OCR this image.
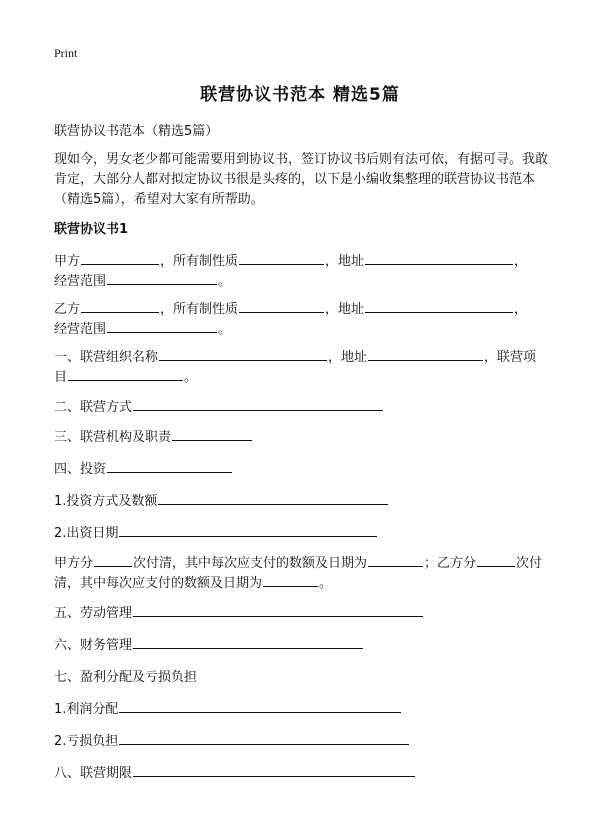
Print
联营协议书范本 精选5篇
联营协议书范本（精选5篇）
现如今，男女老少都可能需要用到协议书，签订协议书后则有法可依，有据可寻。我敢肯定，大部分人都对拟定协议书很是头疼的，以下是小编收集整理的联营协议书范本（精选5篇），希望对大家有所帮助。
联营协议书1
甲方	，所有制性质	，地址	，
经营范围	。
乙方	，所有制性质	，地址	，
经营范围	。
一、联营组织名称	，地址	，联营项
目	。
二、联营方式
三、联营机构及职责
四、投资
1.投资方式及数额
2.出资日期
甲方分	次付清，其中每次应支付的数额及日期为	；乙方分	次付
清，其中每次应支付的数额及日期为	。
五、劳动管理
六、财务管理
七、盈利分配及亏损负担
1.利润分配
2.亏损负担
八、联营期限
